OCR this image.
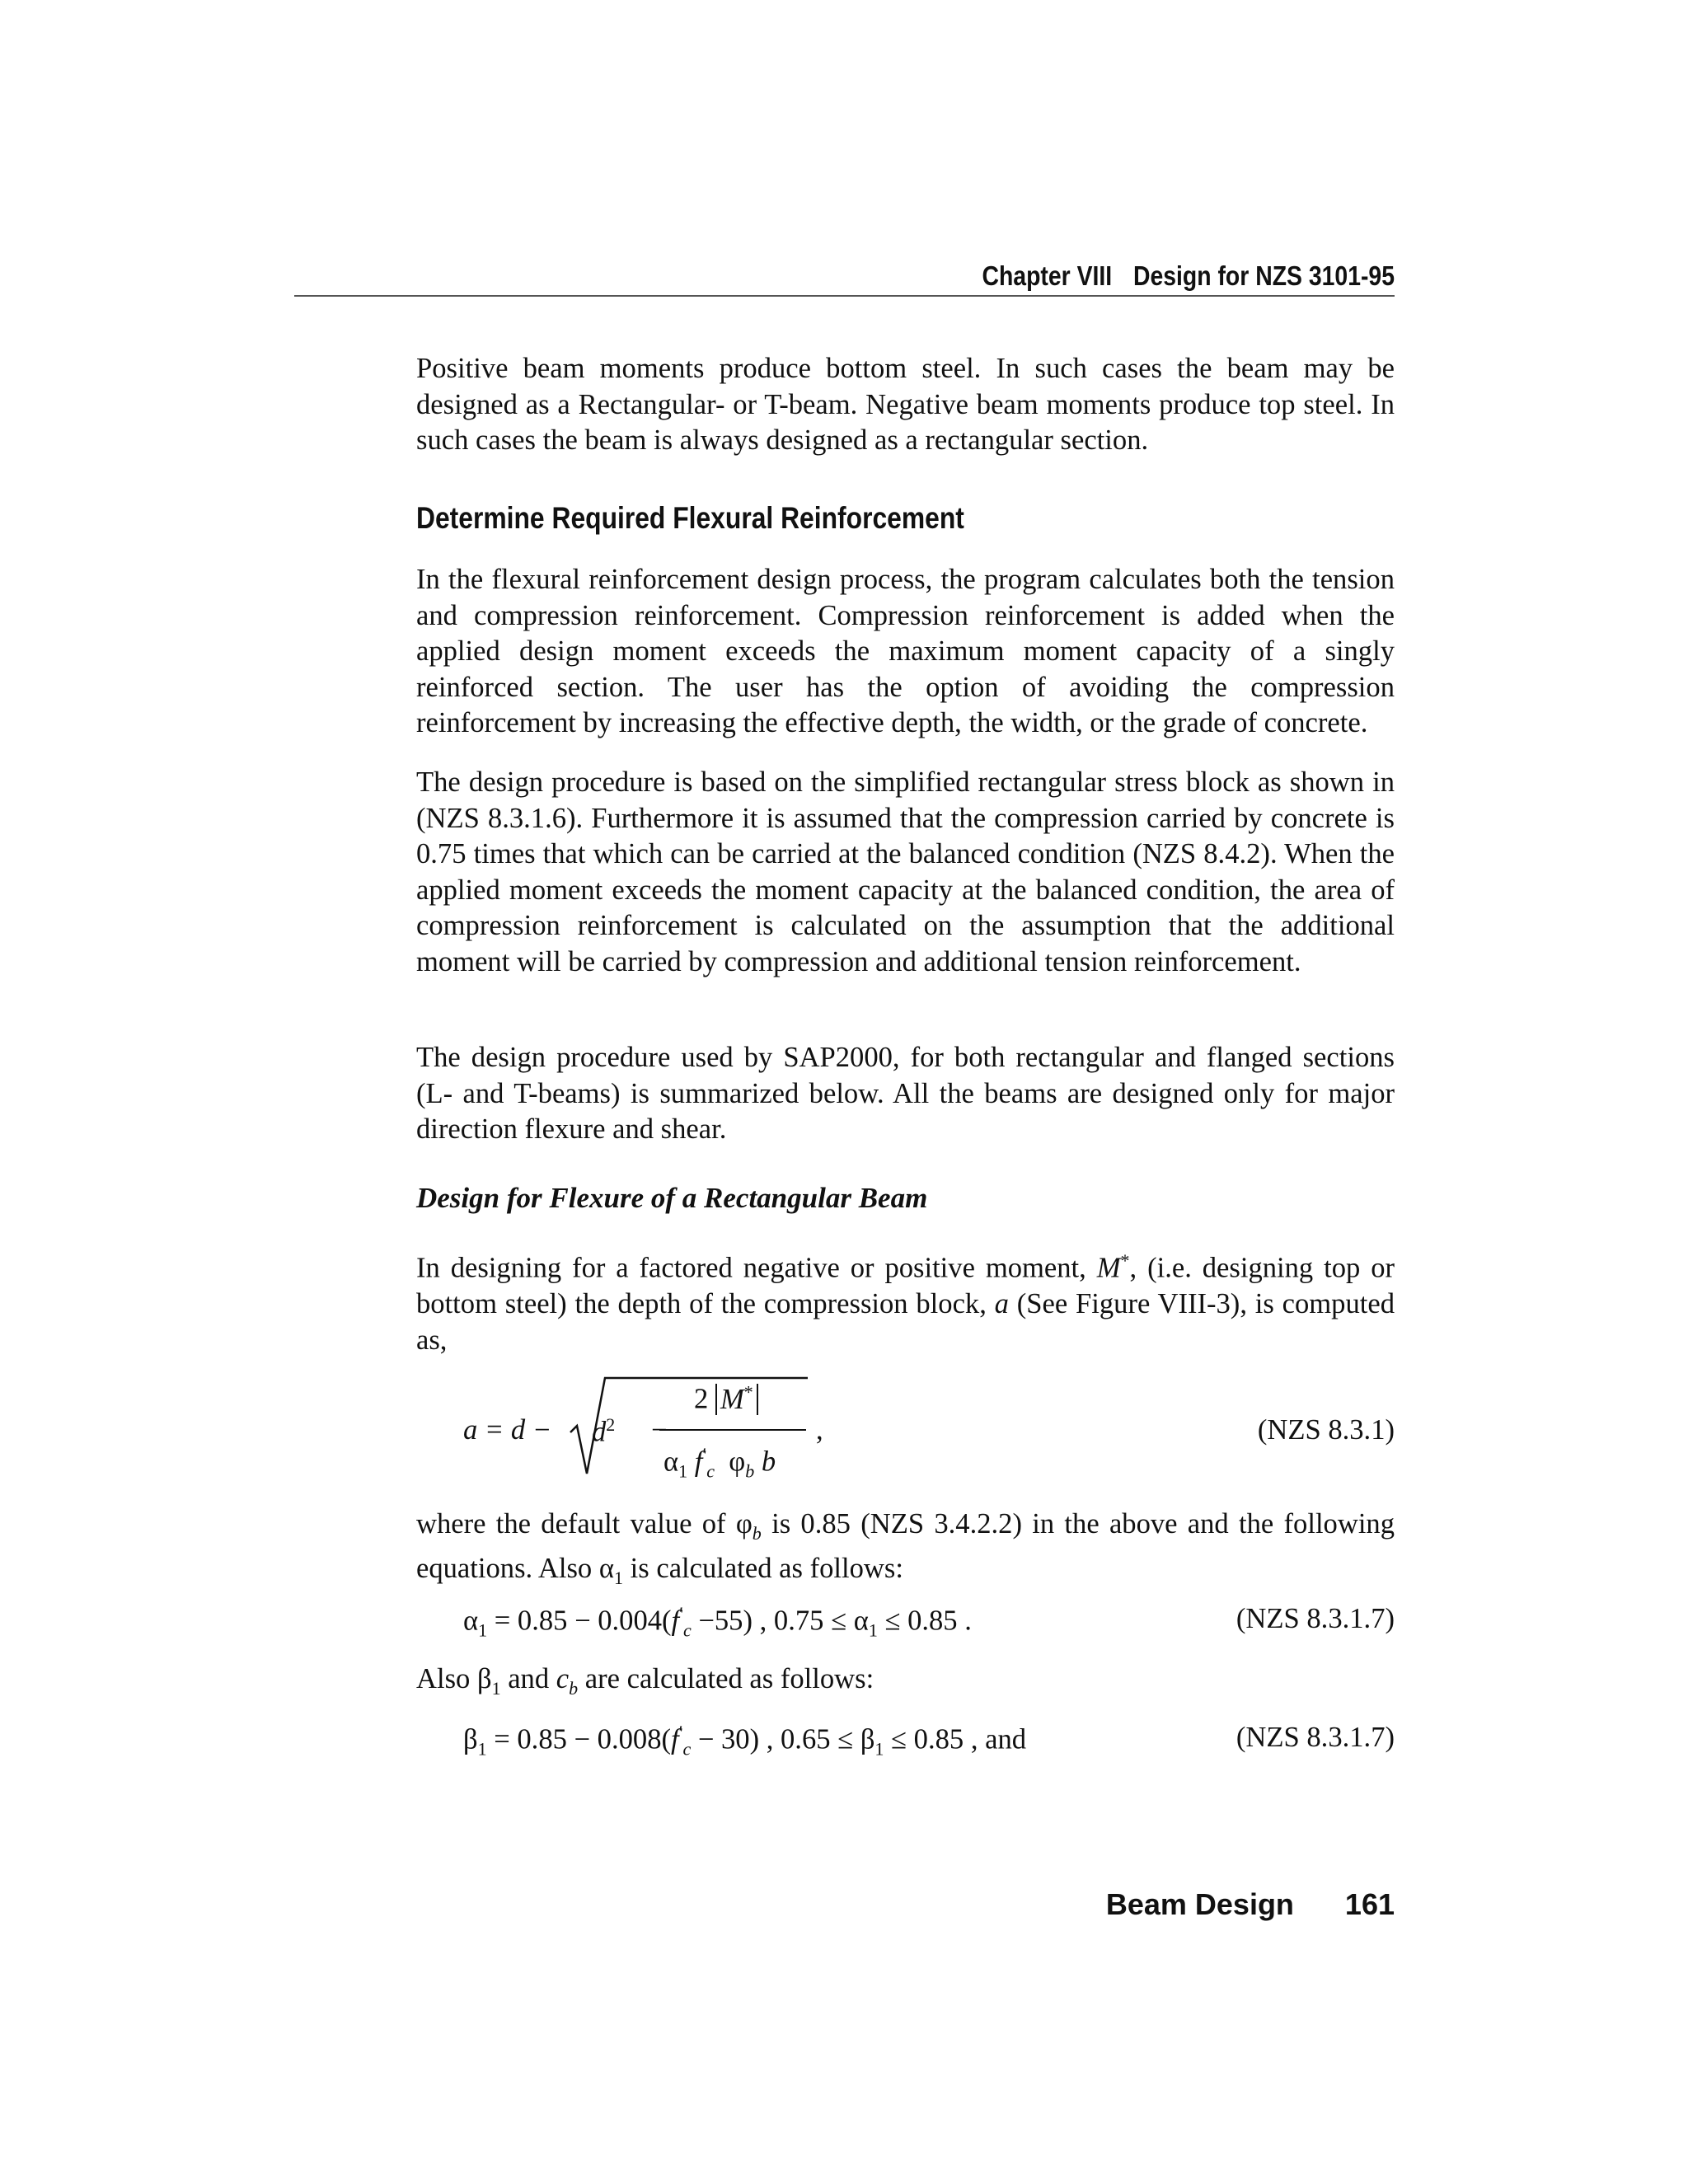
Chapter VIII Design for NZS 3101-95

Positive beam moments produce bottom steel. In such cases the beam may be designed as a Rectangular- or T-beam. Negative beam moments produce top steel. In such cases the beam is always designed as a rectangular section.

Determine Required Flexural Reinforcement

In the flexural reinforcement design process, the program calculates both the tension and compression reinforcement. Compression reinforcement is added when the applied design moment exceeds the maximum moment capacity of a singly reinforced section. The user has the option of avoiding the compression reinforcement by increasing the effective depth, the width, or the grade of concrete.

The design procedure is based on the simplified rectangular stress block as shown in (NZS 8.3.1.6). Furthermore it is assumed that the compression carried by concrete is 0.75 times that which can be carried at the balanced condition (NZS 8.4.2). When the applied moment exceeds the moment capacity at the balanced condition, the area of compression reinforcement is calculated on the assumption that the additional moment will be carried by compression and additional tension reinforcement.

The design procedure used by SAP2000, for both rectangular and flanged sections (L- and T-beams) is summarized below. All the beams are designed only for major direction flexure and shear.

Design for Flexure of a Rectangular Beam

In designing for a factored negative or positive moment, M*, (i.e. designing top or bottom steel) the depth of the compression block, a (See Figure VIII-3), is computed as,

$a = d - d^2$ −
2 M*
$\alpha_1$ $f'_c$ $\varphi_b$ b
,	(NZS 8.3.1)

where the default value of $\varphi_b$ is 0.85 (NZS 3.4.2.2) in the above and the following equations. Also $\alpha_1$ is calculated as follows:

$\alpha_1 = 0.85 - 0.004(f'_c -55)$ , $0.75 \le \alpha_1 \le 0.85$ .	(NZS 8.3.1.7)

Also $\beta_1$ and $c_b$ are calculated as follows:

$\beta_1 = 0.85 - 0.008(f'_c - 30)$ , $0.65 \le \beta_1 \le 0.85$ , and	(NZS 8.3.1.7)
Beam Design 161
